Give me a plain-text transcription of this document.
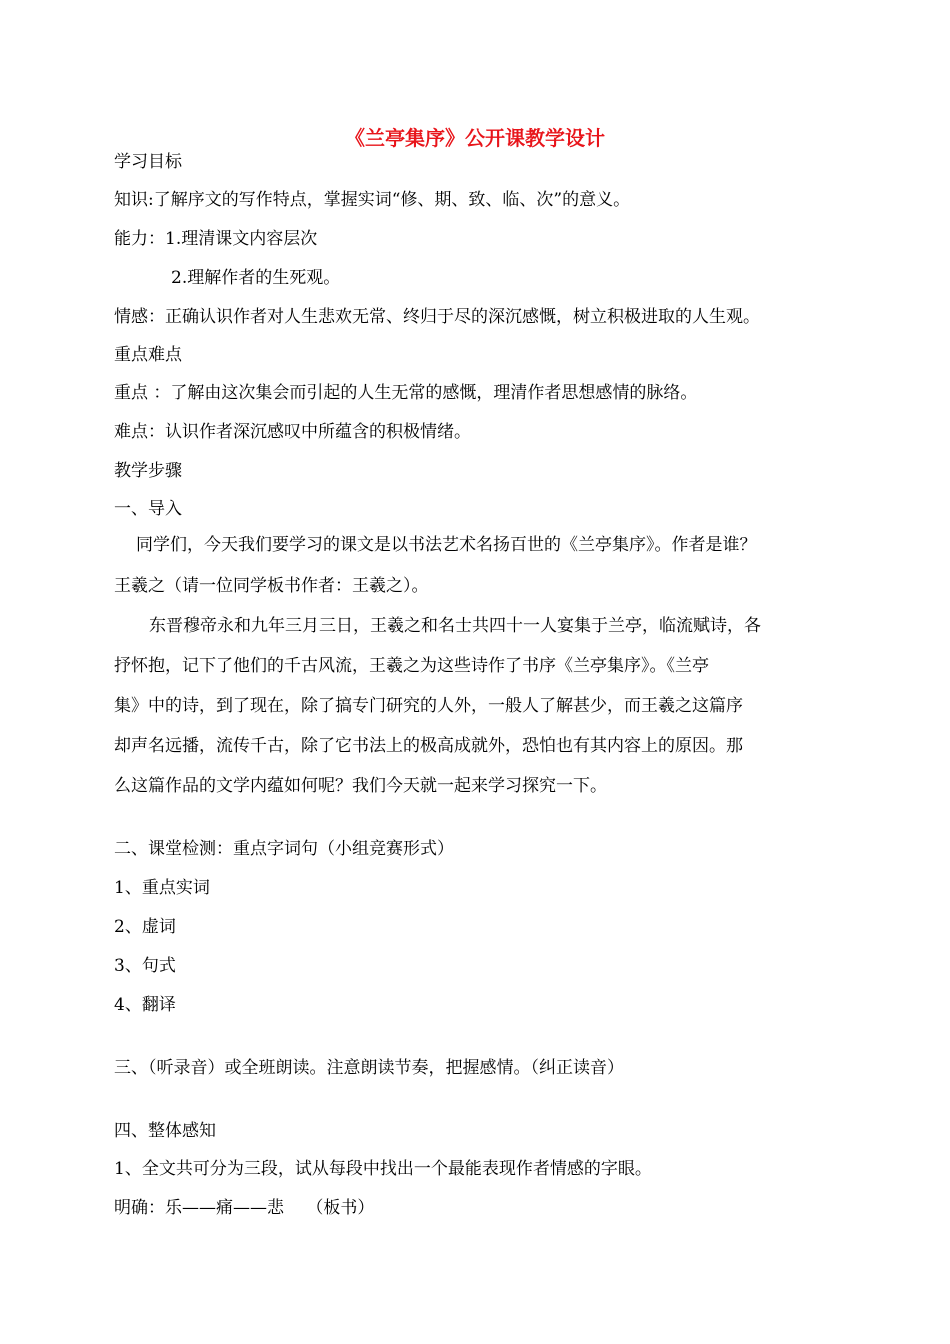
《兰亭集序》公开课教学设计
学习目标
知识:了解序文的写作特点，掌握实词“修、期、致、临、次”的意义。
能力：1.理清课文内容层次
2.理解作者的生死观。
情感：正确认识作者对人生悲欢无常、终归于尽的深沉感慨，树立积极进取的人生观。
重点难点
重点 ：了解由这次集会而引起的人生无常的感慨，理清作者思想感情的脉络。
难点：认识作者深沉感叹中所蕴含的积极情绪。
教学步骤
一、导入
同学们，今天我们要学习的课文是以书法艺术名扬百世的《兰亭集序》。作者是谁？
王羲之（请一位同学板书作者：王羲之）。
东晋穆帝永和九年三月三日，王羲之和名士共四十一人宴集于兰亭，临流赋诗，各
抒怀抱，记下了他们的千古风流，王羲之为这些诗作了书序《兰亭集序》。《兰亭
集》中的诗，到了现在，除了搞专门研究的人外，一般人了解甚少，而王羲之这篇序
却声名远播，流传千古，除了它书法上的极高成就外，恐怕也有其内容上的原因。那
么这篇作品的文学内蕴如何呢？我们今天就一起来学习探究一下。
二、课堂检测：重点字词句（小组竞赛形式）
1、重点实词
2、虚词
3、句式
4、翻译
三、（听录音）或全班朗读。注意朗读节奏，把握感情。（纠正读音）
四、整体感知
1、全文共可分为三段，试从每段中找出一个最能表现作者情感的字眼。
明确：乐——痛——悲　 （板书）
